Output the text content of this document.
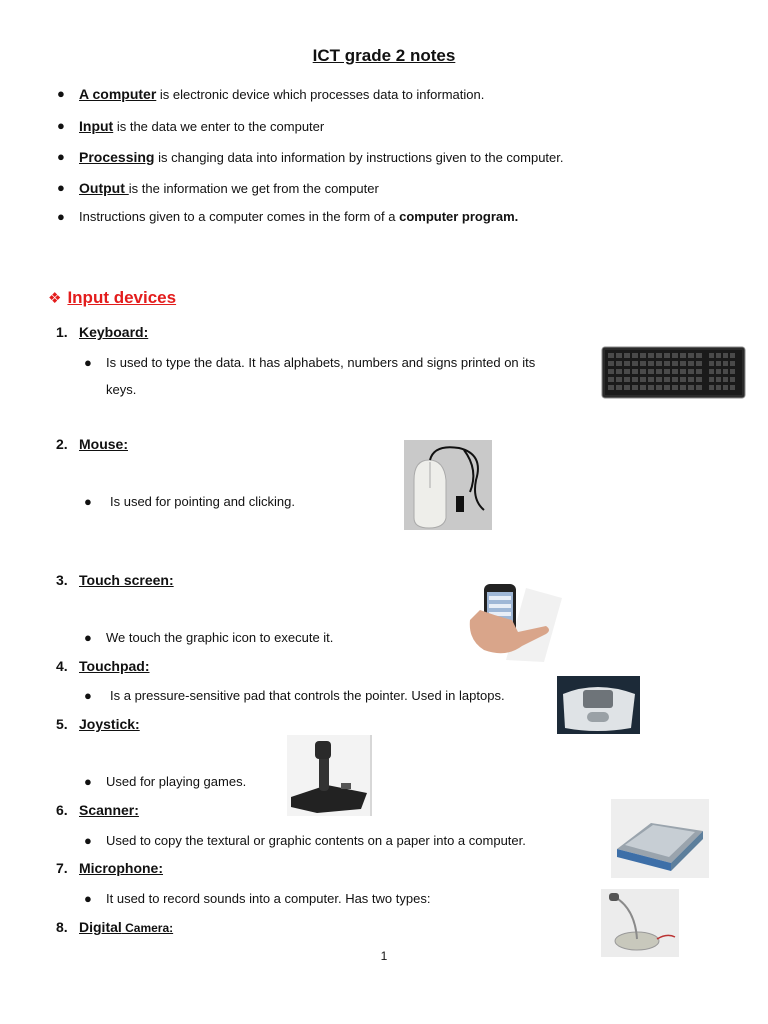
ICT grade 2 notes
● A computer is electronic device which processes data to information.
● Input is the data we enter to the computer
● Processing is changing data into information by instructions given to the computer.
● Output is the information we get from the computer
● Instructions given to a computer comes in the form of a computer program.
❖ Input devices
1. Keyboard:
● Is used to type the data. It has alphabets, numbers and signs printed on its
keys.
2. Mouse:
● Is used for pointing and clicking.
3. Touch screen:
● We touch the graphic icon to execute it.
4. Touchpad:
● Is a pressure-sensitive pad that controls the pointer. Used in laptops.
5. Joystick:
● Used for playing games.
6. Scanner:
● Used to copy the textural or graphic contents on a paper into a computer.
7. Microphone:
● It used to record sounds into a computer. Has two types:
8. Digital Camera:
1
